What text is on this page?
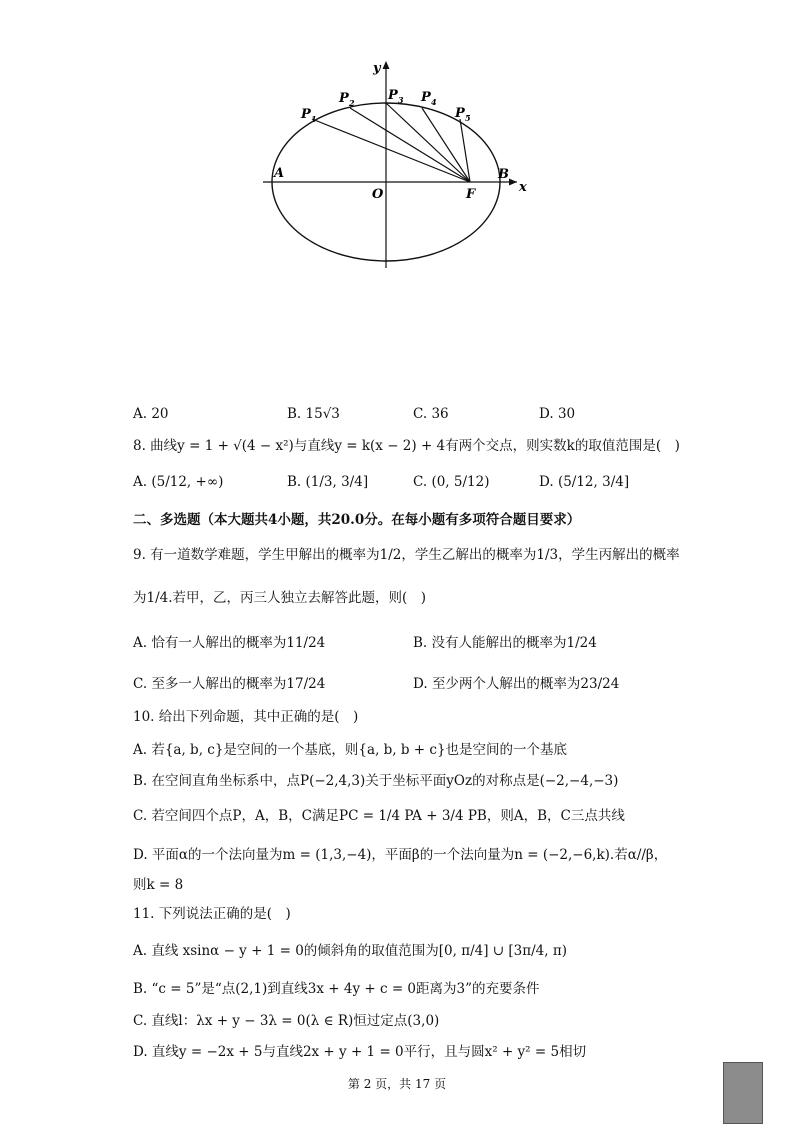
y
x
O
A	B
F
P 1
P 2	P 3 P 4
P 5
A. 20	B. 15√3	C. 36	D. 30
8. 曲线y = 1 + √(4 − x²)与直线y = k(x − 2) + 4有两个交点，则实数k的取值范围是(　)
A. (5/12, +∞)	B. (1/3, 3/4]	C. (0, 5/12)	D. (5/12, 3/4]
二、多选题（本大题共4小题，共20.0分。在每小题有多项符合题目要求）
9. 有一道数学难题，学生甲解出的概率为1/2，学生乙解出的概率为1/3，学生丙解出的概率
为1/4.若甲，乙，丙三人独立去解答此题，则(　)
A. 恰有一人解出的概率为11/24	B. 没有人能解出的概率为1/24
C. 至多一人解出的概率为17/24	D. 至少两个人解出的概率为23/24
10. 给出下列命题，其中正确的是(　)
A. 若{a, b, c}是空间的一个基底，则{a, b, b + c}也是空间的一个基底
B. 在空间直角坐标系中，点P(−2,4,3)关于坐标平面yOz的对称点是(−2,−4,−3)
C. 若空间四个点P，A，B，C满足PC = 1/4 PA + 3/4 PB，则A，B，C三点共线
D. 平面α的一个法向量为m = (1,3,−4)，平面β的一个法向量为n = (−2,−6,k).若α//β，
则k = 8
11. 下列说法正确的是(　)
A. 直线 xsinα − y + 1 = 0的倾斜角的取值范围为[0, π/4] ∪ [3π/4, π)
B. “c = 5”是“点(2,1)到直线3x + 4y + c = 0距离为3”的充要条件
C. 直线l：λx + y − 3λ = 0(λ ∈ R)恒过定点(3,0)
D. 直线y = −2x + 5与直线2x + y + 1 = 0平行，且与圆x² + y² = 5相切
第 2 页，共 17 页
